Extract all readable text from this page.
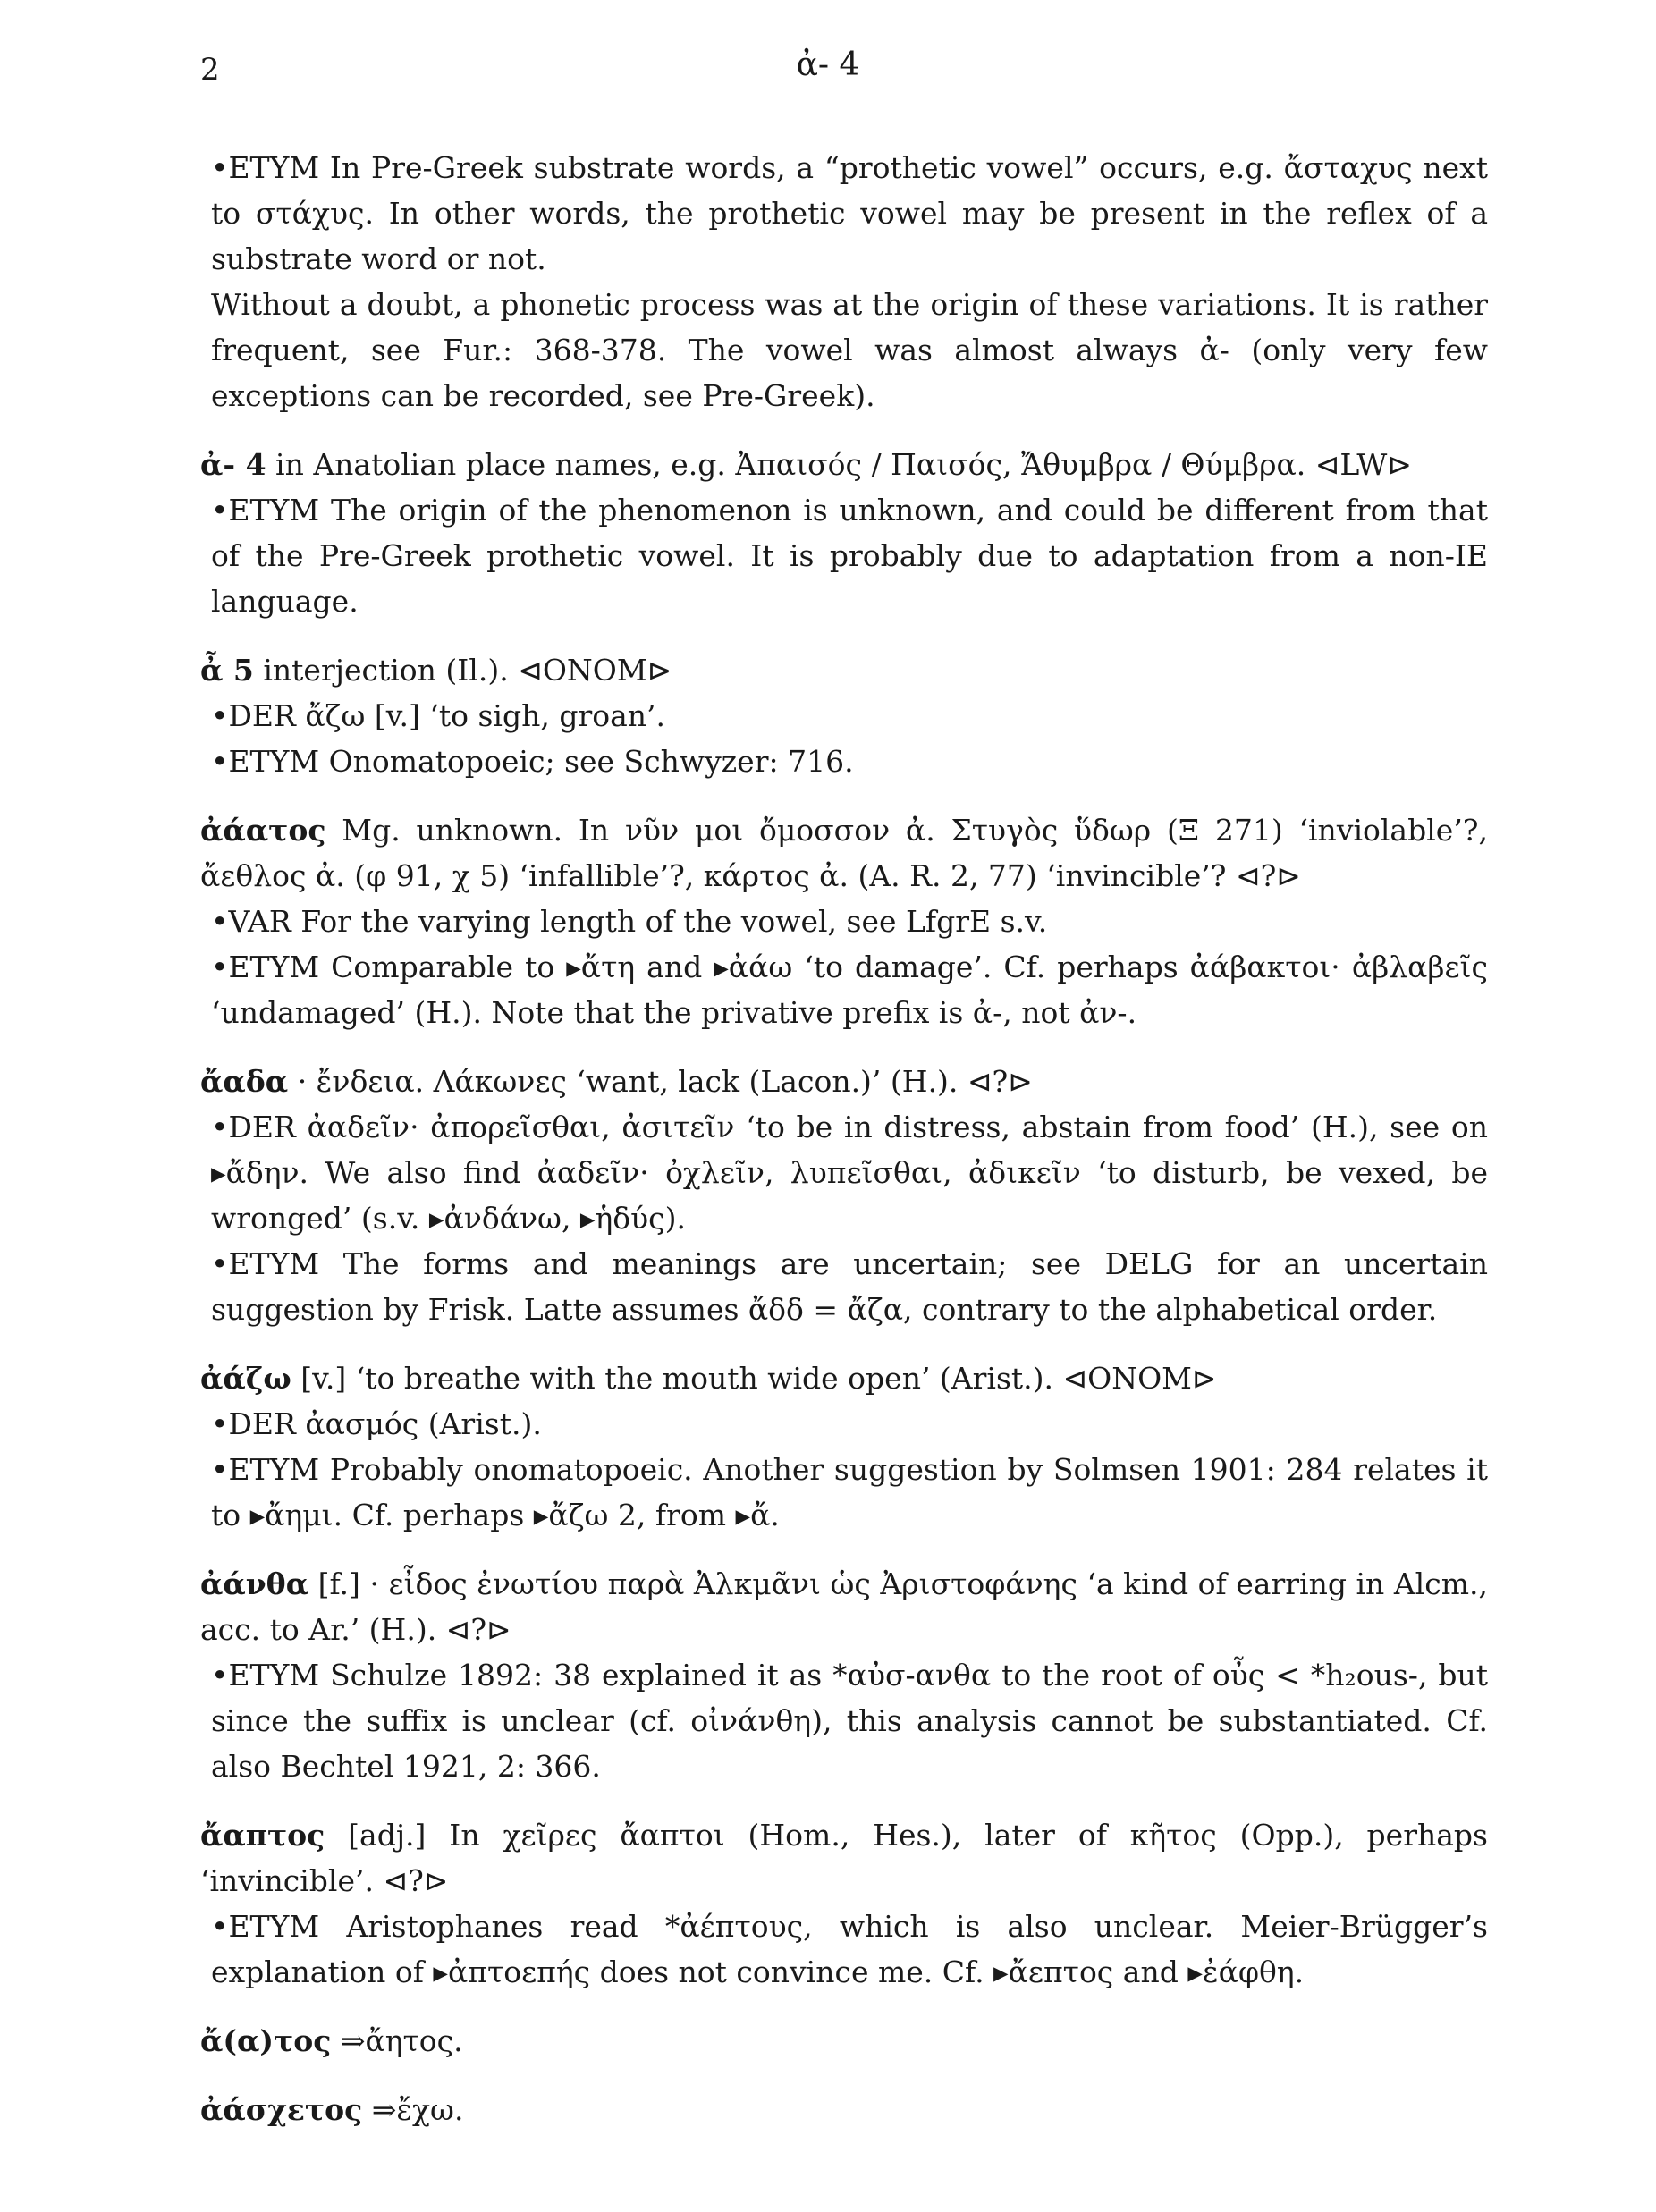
2	ἀ- 4

•ETYM In Pre-Greek substrate words, a “prothetic vowel” occurs, e.g. ἄσταχυς next to στάχυς. In other words, the prothetic vowel may be present in the reflex of a substrate word or not.

Without a doubt, a phonetic process was at the origin of these variations. It is rather frequent, see Fur.: 368-378. The vowel was almost always ἀ- (only very few exceptions can be recorded, see Pre-Greek).

ἀ- 4 in Anatolian place names, e.g. Ἀπαισός / Παισός, Ἄθυμβρα / Θύμβρα. ⊲LW⊳

•ETYM The origin of the phenomenon is unknown, and could be different from that of the Pre-Greek prothetic vowel. It is probably due to adaptation from a non-IE language.

ἆ 5 interjection (Il.). ⊲ONOM⊳

•DER ἄζω [v.] ‘to sigh, groan’.

•ETYM Onomatopoeic; see Schwyzer: 716.

ἀάατος Mg. unknown. In νῦν μοι ὄμοσσον ἀ. Στυγὸς ὕδωρ (Ξ 271) ‘inviolable’?, ἄεθλος ἀ. (φ 91, χ 5) ‘infallible’?, κάρτος ἀ. (A. R. 2, 77) ‘invincible’? ⊲?⊳

•VAR For the varying length of the vowel, see LfgrE s.v.

•ETYM Comparable to ▸ἄτη and ▸ἀάω ‘to damage’. Cf. perhaps ἀάβακτοι· ἀβλαβεῖς ‘undamaged’ (H.). Note that the privative prefix is ἀ-, not ἀν-.

ἄαδα · ἔνδεια. Λάκωνες ‘want, lack (Lacon.)’ (H.). ⊲?⊳

•DER ἀαδεῖν· ἀπορεῖσθαι, ἀσιτεῖν ‘to be in distress, abstain from food’ (H.), see on ▸ἄδην. We also find ἀαδεῖν· ὀχλεῖν, λυπεῖσθαι, ἀδικεῖν ‘to disturb, be vexed, be wronged’ (s.v. ▸ἀνδάνω, ▸ἡδύς).

•ETYM The forms and meanings are uncertain; see DELG for an uncertain suggestion by Frisk. Latte assumes ἄδδ = ἄζα, contrary to the alphabetical order.

ἀάζω [v.] ‘to breathe with the mouth wide open’ (Arist.). ⊲ONOM⊳

•DER ἀασμός (Arist.).

•ETYM Probably onomatopoeic. Another suggestion by Solmsen 1901: 284 relates it to ▸ἄημι. Cf. perhaps ▸ἄζω 2, from ▸ἄ.

ἀάνθα [f.] · εἶδος ἐνωτίου παρὰ Ἀλκμᾶνι ὡς Ἀριστοφάνης ‘a kind of earring in Alcm., acc. to Ar.’ (H.). ⊲?⊳

•ETYM Schulze 1892: 38 explained it as *αὐσ-ανθα to the root of οὖς < *h₂ous-, but since the suffix is unclear (cf. οἰνάνθη), this analysis cannot be substantiated. Cf. also Bechtel 1921, 2: 366.

ἄαπτος [adj.] In χεῖρες ἄαπτοι (Hom., Hes.), later of κῆτος (Opp.), perhaps ‘invincible’. ⊲?⊳

•ETYM Aristophanes read *ἀέπτους, which is also unclear. Meier-Brügger’s explanation of ▸ἀπτοεπής does not convince me. Cf. ▸ἄεπτος and ▸ἐάφθη.

ἄ(α)τος ⇒ἄητος.

ἀάσχετος ⇒ἔχω.
